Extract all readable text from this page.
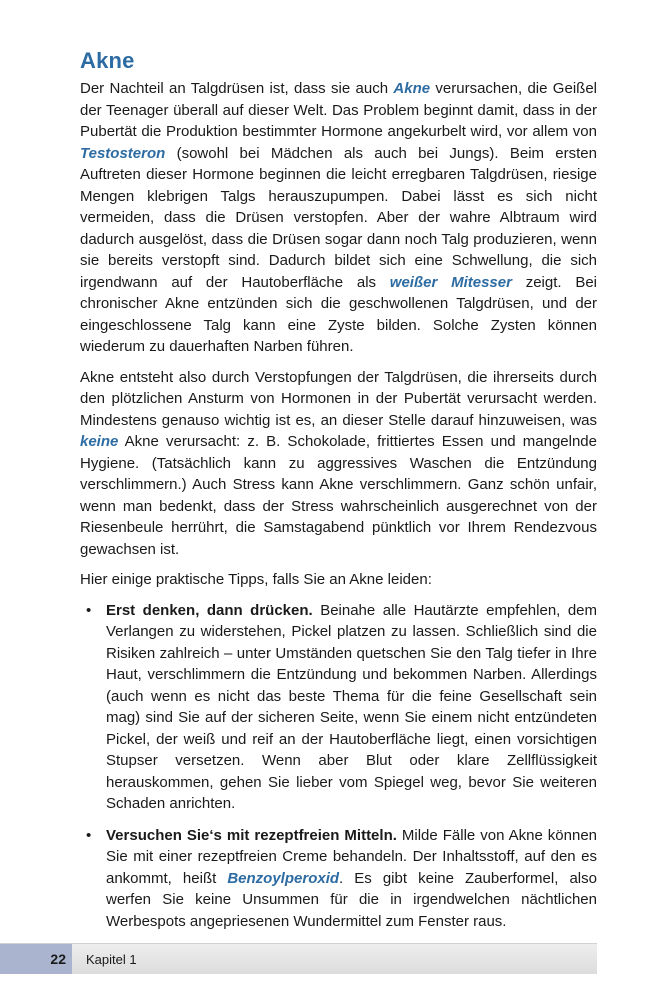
Akne

Der Nachteil an Talgdrüsen ist, dass sie auch Akne verursachen, die Geißel der Teenager überall auf dieser Welt. Das Problem beginnt damit, dass in der Pubertät die Produktion bestimmter Hormone angekurbelt wird, vor allem von Testosteron (sowohl bei Mädchen als auch bei Jungs). Beim ersten Auftreten dieser Hormone beginnen die leicht erregbaren Talgdrüsen, riesige Mengen klebrigen Talgs herauszupumpen. Dabei lässt es sich nicht vermeiden, dass die Drüsen verstopfen. Aber der wahre Albtraum wird dadurch ausgelöst, dass die Drüsen sogar dann noch Talg produzieren, wenn sie bereits verstopft sind. Dadurch bildet sich eine Schwellung, die sich irgendwann auf der Hautoberfläche als weißer Mitesser zeigt. Bei chronischer Akne entzünden sich die geschwollenen Talgdrüsen, und der eingeschlossene Talg kann eine Zyste bilden. Solche Zysten können wiederum zu dauerhaften Narben führen.

Akne entsteht also durch Verstopfungen der Talgdrüsen, die ihrerseits durch den plötzlichen Ansturm von Hormonen in der Pubertät verursacht werden. Mindestens genauso wichtig ist es, an dieser Stelle darauf hinzuweisen, was keine Akne verursacht: z. B. Schokolade, frittiertes Essen und mangelnde Hygiene. (Tatsächlich kann zu aggressives Waschen die Entzündung verschlimmern.) Auch Stress kann Akne verschlimmern. Ganz schön unfair, wenn man bedenkt, dass der Stress wahrscheinlich ausgerechnet von der Riesenbeule herrührt, die Samstagabend pünktlich vor Ihrem Rendezvous gewachsen ist.

Hier einige praktische Tipps, falls Sie an Akne leiden:

• Erst denken, dann drücken. Beinahe alle Hautärzte empfehlen, dem Verlangen zu widerstehen, Pickel platzen zu lassen. Schließlich sind die Risiken zahlreich – unter Umständen quetschen Sie den Talg tiefer in Ihre Haut, verschlimmern die Entzündung und bekommen Narben. Allerdings (auch wenn es nicht das beste Thema für die feine Gesellschaft sein mag) sind Sie auf der sicheren Seite, wenn Sie einem nicht entzündeten Pickel, der weiß und reif an der Hautoberfläche liegt, einen vorsichtigen Stupser versetzen. Wenn aber Blut oder klare Zellflüssigkeit herauskommen, gehen Sie lieber vom Spiegel weg, bevor Sie weiteren Schaden anrichten.

• Versuchen Sie‘s mit rezeptfreien Mitteln. Milde Fälle von Akne können Sie mit einer rezeptfreien Creme behandeln. Der Inhaltsstoff, auf den es ankommt, heißt Benzoylperoxid. Es gibt keine Zauberformel, also werfen Sie keine Unsummen für die in irgendwelchen nächtlichen Werbespots angepriesenen Wundermittel zum Fenster raus.

22	Kapitel 1
